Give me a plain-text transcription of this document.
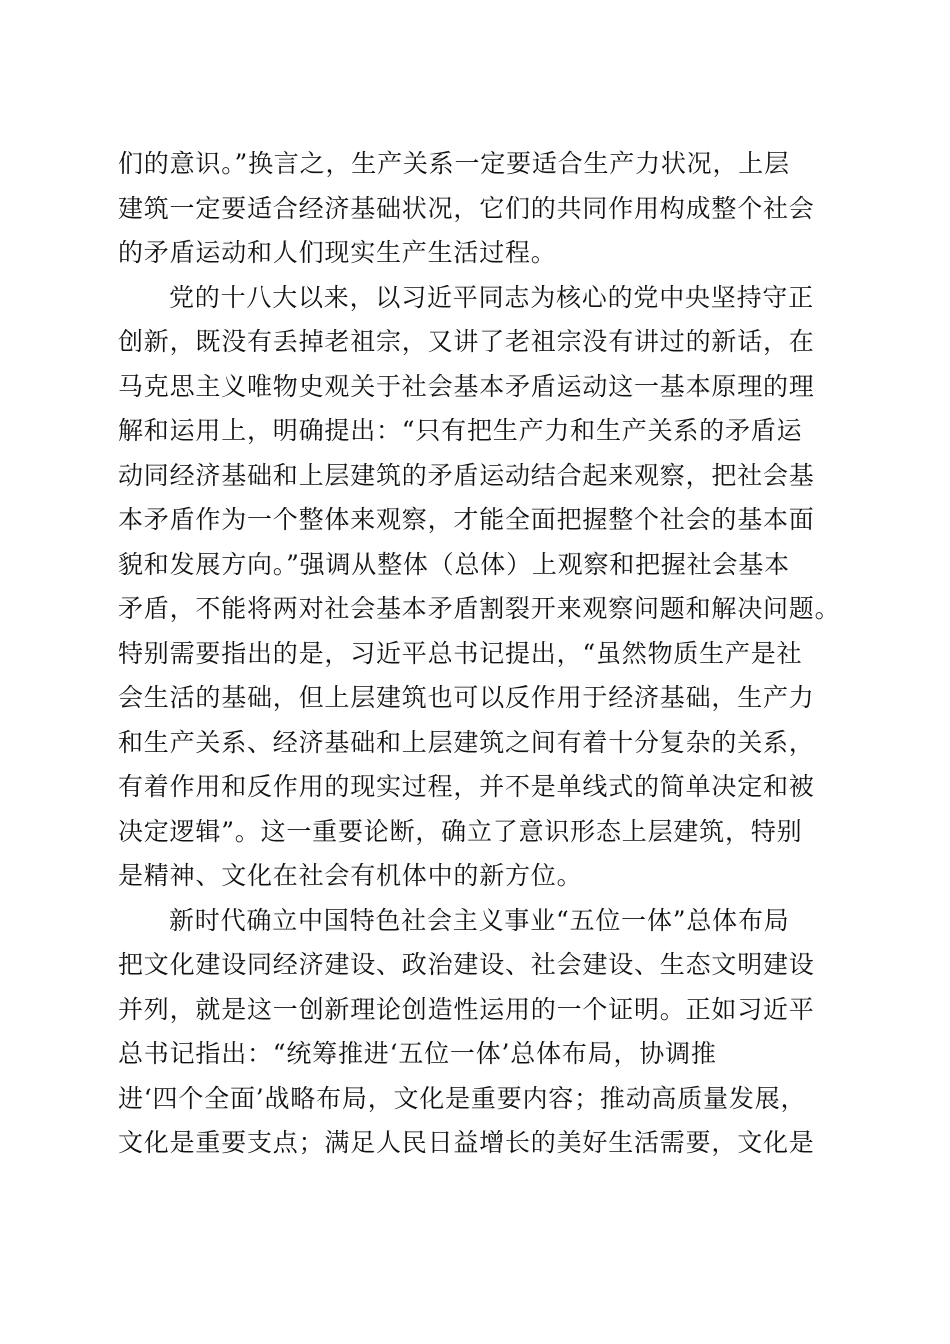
们的意识。”换言之，生产关系一定要适合生产力状况，上层
建筑一定要适合经济基础状况，它们的共同作用构成整个社会
的矛盾运动和人们现实生产生活过程。
党的十八大以来，以习近平同志为核心的党中央坚持守正
创新，既没有丢掉老祖宗，又讲了老祖宗没有讲过的新话，在
马克思主义唯物史观关于社会基本矛盾运动这一基本原理的理
解和运用上，明确提出：“只有把生产力和生产关系的矛盾运
动同经济基础和上层建筑的矛盾运动结合起来观察，把社会基
本矛盾作为一个整体来观察，才能全面把握整个社会的基本面
貌和发展方向。”强调从整体（总体）上观察和把握社会基本
矛盾，不能将两对社会基本矛盾割裂开来观察问题和解决问题。
特别需要指出的是，习近平总书记提出，“虽然物质生产是社
会生活的基础，但上层建筑也可以反作用于经济基础，生产力
和生产关系、经济基础和上层建筑之间有着十分复杂的关系，
有着作用和反作用的现实过程，并不是单线式的简单决定和被
决定逻辑”。这一重要论断，确立了意识形态上层建筑，特别
是精神、文化在社会有机体中的新方位。
新时代确立中国特色社会主义事业“五位一体”总体布局
把文化建设同经济建设、政治建设、社会建设、生态文明建设
并列，就是这一创新理论创造性运用的一个证明。正如习近平
总书记指出：“统筹推进‘五位一体’总体布局，协调推
进‘四个全面’战略布局，文化是重要内容；推动高质量发展，
文化是重要支点；满足人民日益增长的美好生活需要，文化是
